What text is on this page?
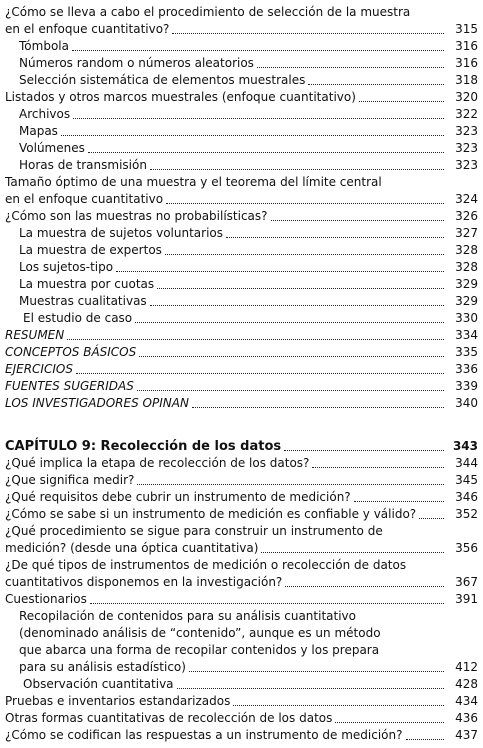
¿Cómo se lleva a cabo el procedimiento de selección de la muestra
en el enfoque cuantitativo?	315
Tómbola	316
Números random o números aleatorios	316
Selección sistemática de elementos muestrales	318
Listados y otros marcos muestrales (enfoque cuantitativo)	320
Archivos	322
Mapas	323
Volúmenes	323
Horas de transmisión	323
Tamaño óptimo de una muestra y el teorema del límite central
en el enfoque cuantitativo	324
¿Cómo son las muestras no probabilísticas?	326
La muestra de sujetos voluntarios	327
La muestra de expertos	328
Los sujetos-tipo	328
La muestra por cuotas	329
Muestras cualitativas	329
El estudio de caso	330
RESUMEN	334
CONCEPTOS BÁSICOS	335
EJERCICIOS	336
FUENTES SUGERIDAS	339
LOS INVESTIGADORES OPINAN	340
CAPÍTULO 9: Recolección de los datos	343
¿Qué implica la etapa de recolección de los datos?	344
¿Que significa medir?	345
¿Qué requisitos debe cubrir un instrumento de medición?	346
¿Cómo se sabe si un instrumento de medición es confiable y válido?	352
¿Qué procedimiento se sigue para construir un instrumento de
medición? (desde una óptica cuantitativa)	356
¿De qué tipos de instrumentos de medición o recolección de datos
cuantitativos disponemos en la investigación?	367
Cuestionarios	391
Recopilación de contenidos para su análisis cuantitativo
(denominado análisis de “contenido”, aunque es un método
que abarca una forma de recopilar contenidos y los prepara
para su análisis estadístico)	412
Observación cuantitativa	428
Pruebas e inventarios estandarizados	434
Otras formas cuantitativas de recolección de los datos	436
¿Cómo se codifican las respuestas a un instrumento de medición?	437
